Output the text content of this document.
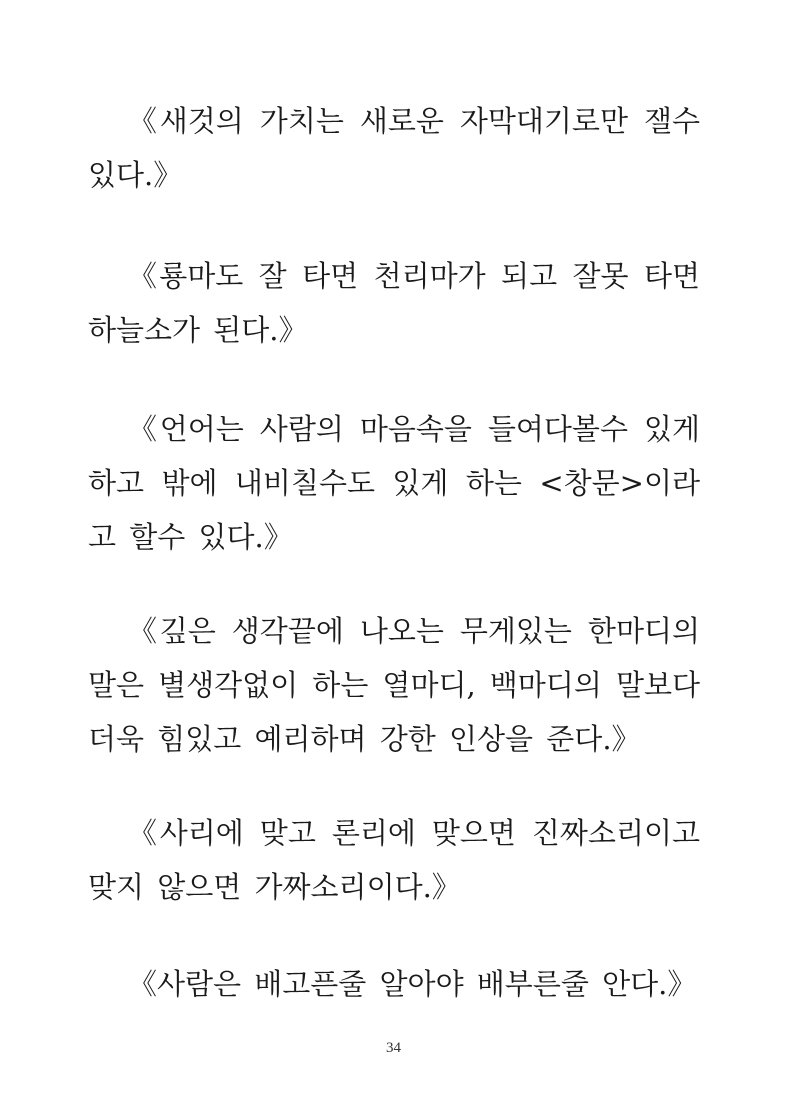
《새것의 가치는 새로운 자막대기로만 잴수 있다.》

《룡마도 잘 타면 천리마가 되고 잘못 타면 하늘소가 된다.》

《언어는 사람의 마음속을 들여다볼수 있게 하고 밖에 내비칠수도 있게 하는 <창문>이라고 할수 있다.》

《깊은 생각끝에 나오는 무게있는 한마디의 말은 별생각없이 하는 열마디, 백마디의 말보다 더욱 힘있고 예리하며 강한 인상을 준다.》

《사리에 맞고 론리에 맞으면 진짜소리이고 맞지 않으면 가짜소리이다.》

《사람은 배고픈줄 알아야 배부른줄 안다.》

34
